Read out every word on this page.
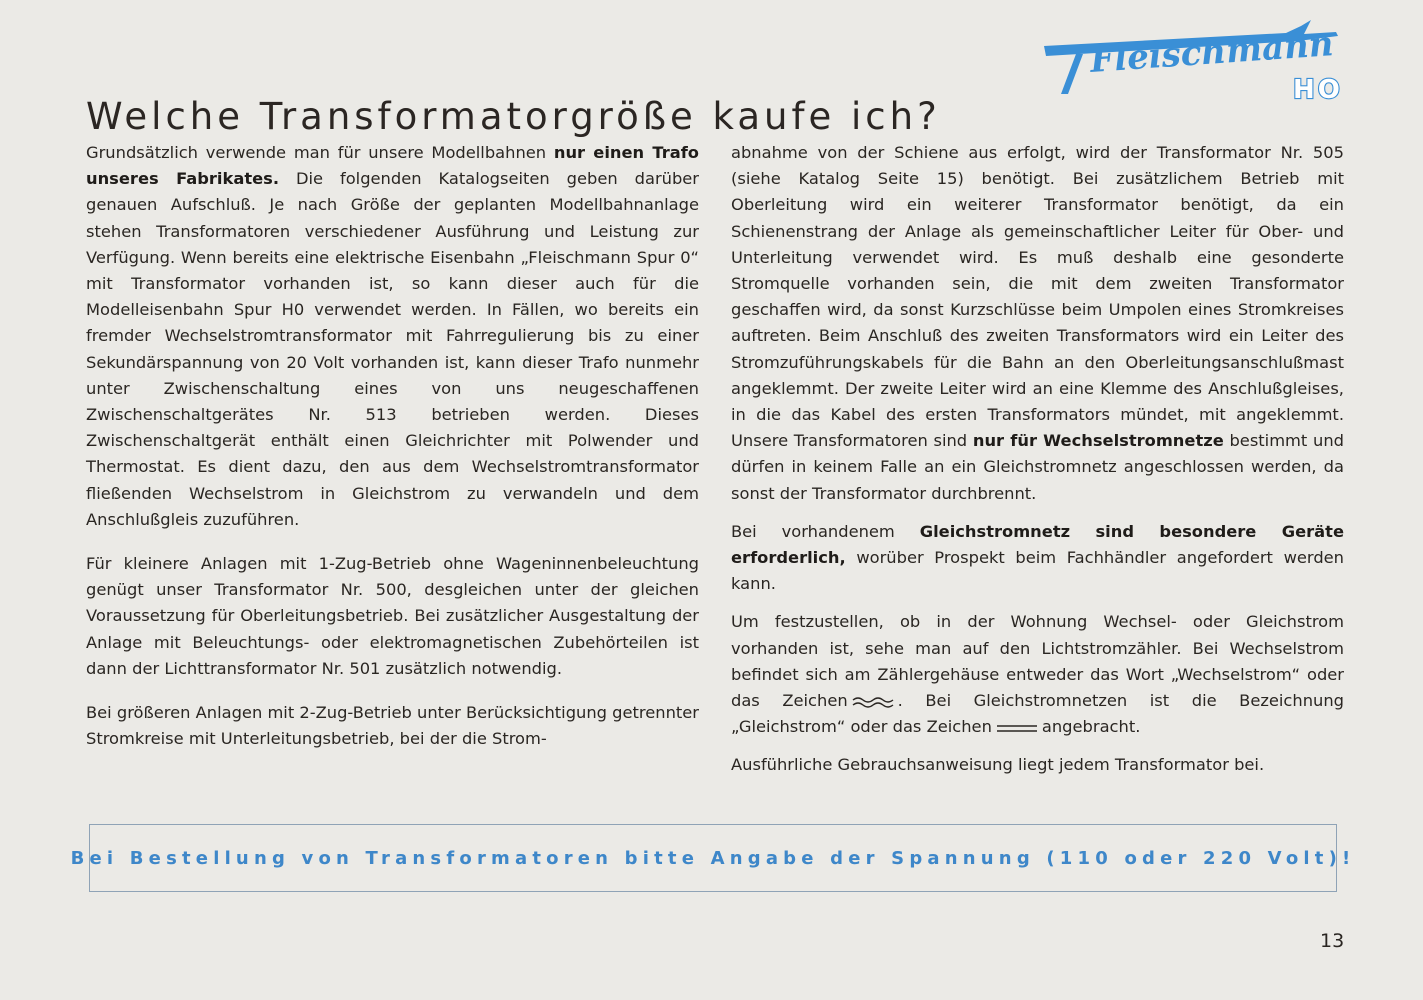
Welche Transformatorgröße kaufe ich?
Fleischmann
HO

Grundsätzlich verwende man für unsere Modellbahnen nur einen Trafo unseres Fabrikates. Die folgenden Katalogseiten geben darüber genauen Aufschluß. Je nach Größe der geplanten Modellbahnanlage stehen Transformatoren verschiedener Ausführung und Leistung zur Verfügung. Wenn bereits eine elektrische Eisenbahn „Fleischmann Spur 0“ mit Transformator vorhanden ist, so kann dieser auch für die Modelleisenbahn Spur H0 verwendet werden. In Fällen, wo bereits ein fremder Wechselstromtransformator mit Fahrregulierung bis zu einer Sekundärspannung von 20 Volt vorhanden ist, kann dieser Trafo nunmehr unter Zwischenschaltung eines von uns neugeschaffenen Zwischenschaltgerätes Nr. 513 betrieben werden. Dieses Zwischenschaltgerät enthält einen Gleichrichter mit Polwender und Thermostat. Es dient dazu, den aus dem Wechselstromtransformator fließenden Wechselstrom in Gleichstrom zu verwandeln und dem Anschlußgleis zuzuführen.

Für kleinere Anlagen mit 1-Zug-Betrieb ohne Wageninnenbeleuchtung genügt unser Transformator Nr. 500, desgleichen unter der gleichen Voraussetzung für Oberleitungsbetrieb. Bei zusätzlicher Ausgestaltung der Anlage mit Beleuchtungs- oder elektromagnetischen Zubehörteilen ist dann der Lichttransformator Nr. 501 zusätzlich notwendig.

Bei größeren Anlagen mit 2-Zug-Betrieb unter Berücksichtigung getrennter Stromkreise mit Unterleitungsbetrieb, bei der die Strom-

abnahme von der Schiene aus erfolgt, wird der Transformator Nr. 505 (siehe Katalog Seite 15) benötigt. Bei zusätzlichem Betrieb mit Oberleitung wird ein weiterer Transformator benötigt, da ein Schienenstrang der Anlage als gemeinschaftlicher Leiter für Ober- und Unterleitung verwendet wird. Es muß deshalb eine gesonderte Stromquelle vorhanden sein, die mit dem zweiten Transformator geschaffen wird, da sonst Kurzschlüsse beim Umpolen eines Stromkreises auftreten. Beim Anschluß des zweiten Transformators wird ein Leiter des Stromzuführungskabels für die Bahn an den Oberleitungsanschlußmast angeklemmt. Der zweite Leiter wird an eine Klemme des Anschlußgleises, in die das Kabel des ersten Transformators mündet, mit angeklemmt. Unsere Transformatoren sind nur für Wechselstromnetze bestimmt und dürfen in keinem Falle an ein Gleichstromnetz angeschlossen werden, da sonst der Transformator durchbrennt.

Bei vorhandenem Gleichstromnetz sind besondere Geräte erforderlich, worüber Prospekt beim Fachhändler angefordert werden kann.

Um festzustellen, ob in der Wohnung Wechsel- oder Gleichstrom vorhanden ist, sehe man auf den Lichtstromzähler. Bei Wechselstrom befindet sich am Zählergehäuse entweder das Wort „Wechselstrom“ oder das Zeichen	. Bei Gleichstromnetzen ist die Bezeichnung „Gleichstrom“ oder das Zeichen	angebracht.

Ausführliche Gebrauchsanweisung liegt jedem Transformator bei.

Bei Bestellung von Transformatoren bitte Angabe der Spannung (110 oder 220 Volt)!
13
